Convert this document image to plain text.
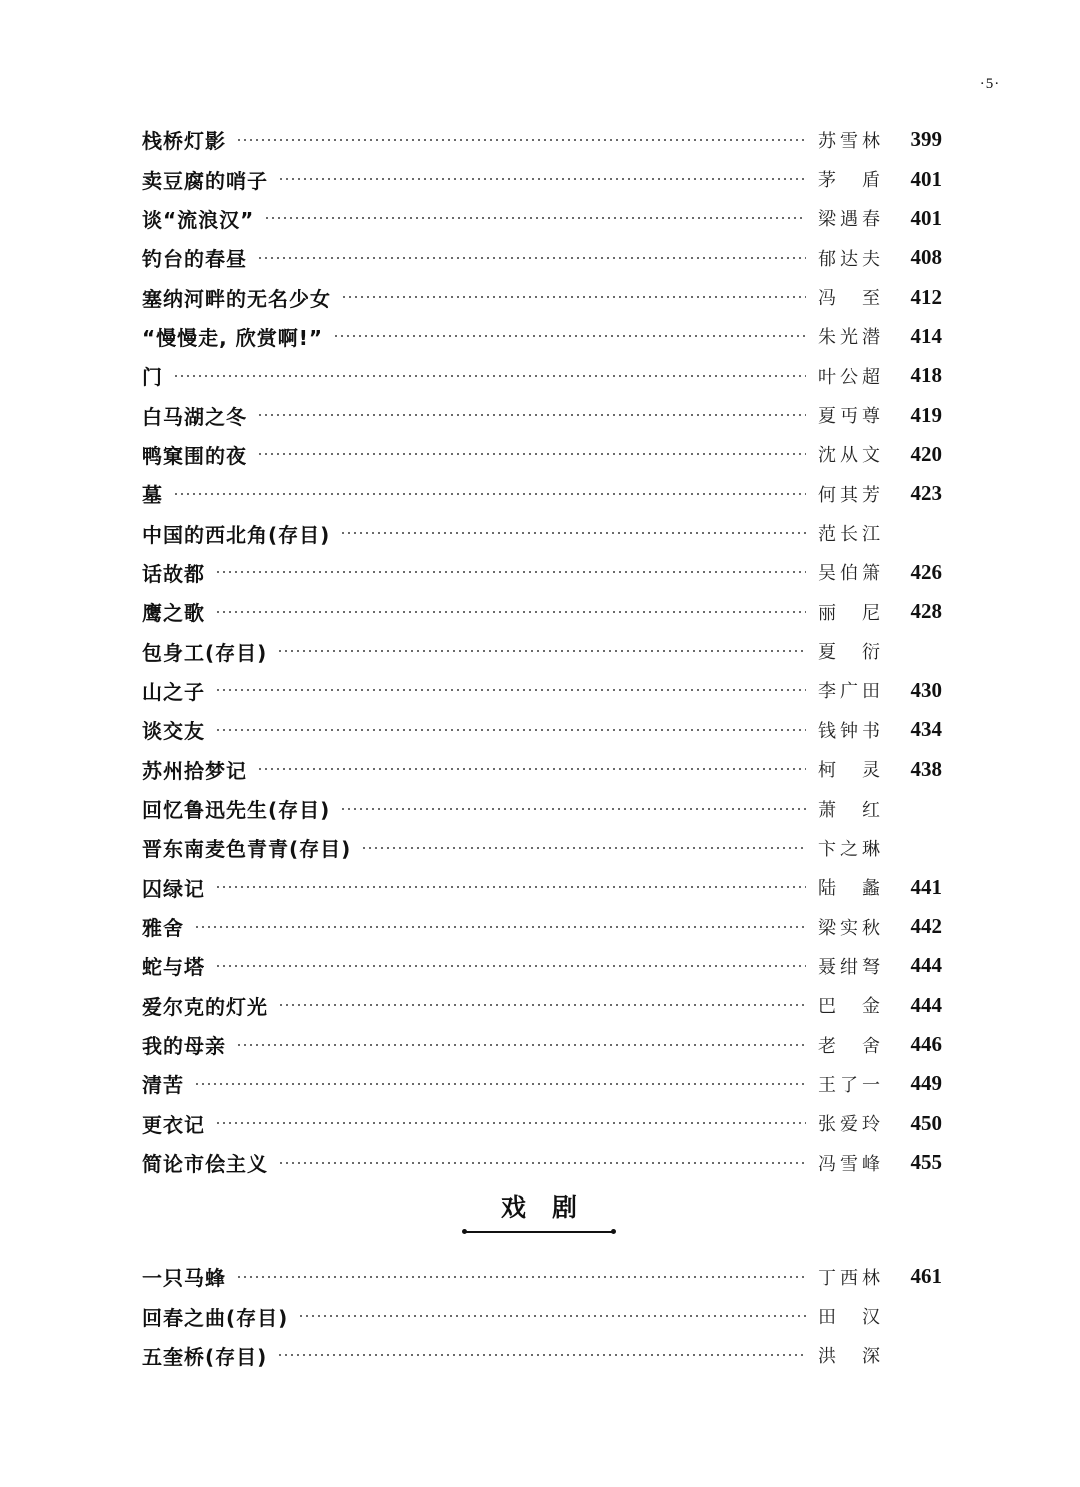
·5·
栈桥灯影	苏雪林	399
卖豆腐的哨子	茅盾	401
谈“流浪汉”	梁遇春	401
钓台的春昼	郁达夫	408
塞纳河畔的无名少女	冯至	412
“慢慢走, 欣赏啊!”	朱光潜	414
门	叶公超	418
白马湖之冬	夏丏尊	419
鸭窠围的夜	沈从文	420
墓	何其芳	423
中国的西北角(存目)	范长江
话故都	吴伯箫	426
鹰之歌	丽尼	428
包身工(存目)	夏衍
山之子	李广田	430
谈交友	钱钟书	434
苏州拾梦记	柯灵	438
回忆鲁迅先生(存目)	萧红
晋东南麦色青青(存目)	卞之琳
囚绿记	陆蠡	441
雅舍	梁实秋	442
蛇与塔	聂绀弩	444
爱尔克的灯光	巴金	444
我的母亲	老舍	446
清苦	王了一	449
更衣记	张爱玲	450
简论市侩主义	冯雪峰	455
戏剧
一只马蜂	丁西林	461
回春之曲(存目)	田汉
五奎桥(存目)	洪深
